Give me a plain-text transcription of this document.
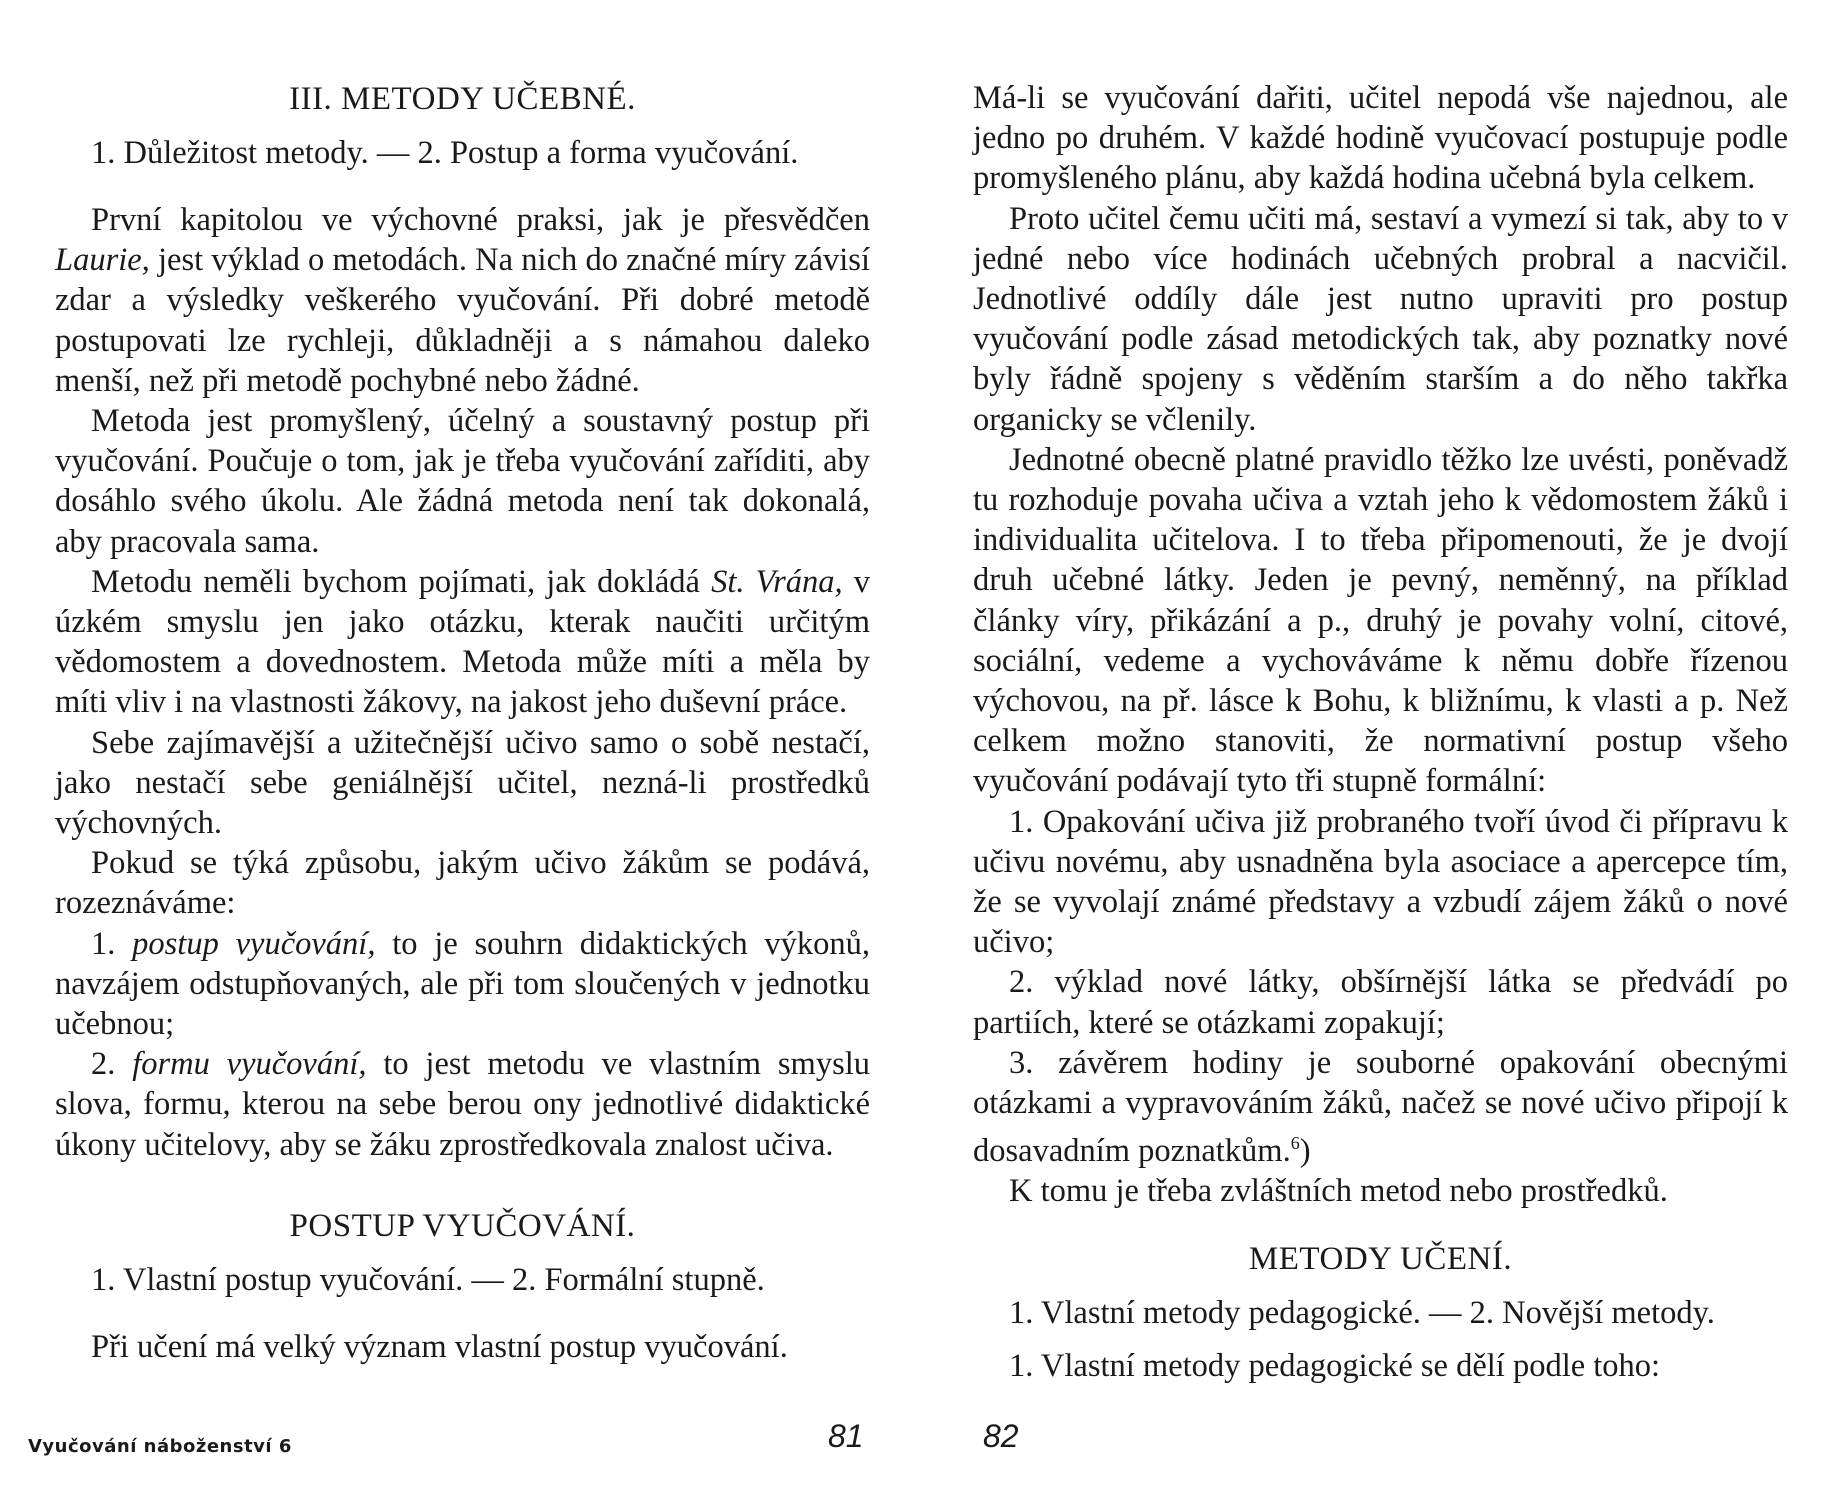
III. METODY UČEBNÉ.

1. Důležitost metody. — 2. Postup a forma vyučování.

První kapitolou ve výchovné praksi, jak je přesvědčen Laurie, jest výklad o metodách. Na nich do značné míry závisí zdar a výsledky veškerého vyučování. Při dobré metodě postupovati lze rychleji, důkladněji a s námahou daleko menší, než při metodě pochybné nebo žádné.

Metoda jest promyšlený, účelný a soustavný postup při vyučování. Poučuje o tom, jak je třeba vyučování zaříditi, aby dosáhlo svého úkolu. Ale žádná metoda není tak dokonalá, aby pracovala sama.

Metodu neměli bychom pojímati, jak dokládá St. Vrána, v úzkém smyslu jen jako otázku, kterak naučiti určitým vědomostem a dovednostem. Metoda může míti a měla by míti vliv i na vlastnosti žákovy, na jakost jeho duševní práce.

Sebe zajímavější a užitečnější učivo samo o sobě nestačí, jako nestačí sebe geniálnější učitel, nezná-li prostředků výchovných.

Pokud se týká způsobu, jakým učivo žákům se podává, rozeznáváme:

1. postup vyučování, to je souhrn didaktických výkonů, navzájem odstupňovaných, ale při tom sloučených v jednotku učebnou;

2. formu vyučování, to jest metodu ve vlastním smyslu slova, formu, kterou na sebe berou ony jednotlivé didaktické úkony učitelovy, aby se žáku zprostředkovala znalost učiva.

POSTUP VYUČOVÁNÍ.

1. Vlastní postup vyučování. — 2. Formální stupně.

Při učení má velký význam vlastní postup vyučování.

Vyučování náboženství 6	81

Má-li se vyučování dařiti, učitel nepodá vše najednou, ale jedno po druhém. V každé hodině vyučovací postupuje podle promyšleného plánu, aby každá hodina učebná byla celkem.

Proto učitel čemu učiti má, sestaví a vymezí si tak, aby to v jedné nebo více hodinách učebných probral a nacvičil. Jednotlivé oddíly dále jest nutno upraviti pro postup vyučování podle zásad metodických tak, aby poznatky nové byly řádně spojeny s věděním starším a do něho takřka organicky se včlenily.

Jednotné obecně platné pravidlo těžko lze uvésti, poněvadž tu rozhoduje povaha učiva a vztah jeho k vědomostem žáků i individualita učitelova. I to třeba připomenouti, že je dvojí druh učebné látky. Jeden je pevný, neměnný, na příklad články víry, přikázání a p., druhý je povahy volní, citové, sociální, vedeme a vychováváme k němu dobře řízenou výchovou, na př. lásce k Bohu, k bližnímu, k vlasti a p. Než celkem možno stanoviti, že normativní postup všeho vyučování podávají tyto tři stupně formální:

1. Opakování učiva již probraného tvoří úvod či přípravu k učivu novému, aby usnadněna byla asociace a apercepce tím, že se vyvolají známé představy a vzbudí zájem žáků o nové učivo;

2. výklad nové látky, obšírnější látka se předvádí po partiích, které se otázkami zopakují;

3. závěrem hodiny je souborné opakování obecnými otázkami a vypravováním žáků, načež se nové učivo připojí k dosavadním poznatkům.$^6$)

K tomu je třeba zvláštních metod nebo prostředků.

METODY UČENÍ.

1. Vlastní metody pedagogické. — 2. Novější metody.

1. Vlastní metody pedagogické se dělí podle toho:

82
